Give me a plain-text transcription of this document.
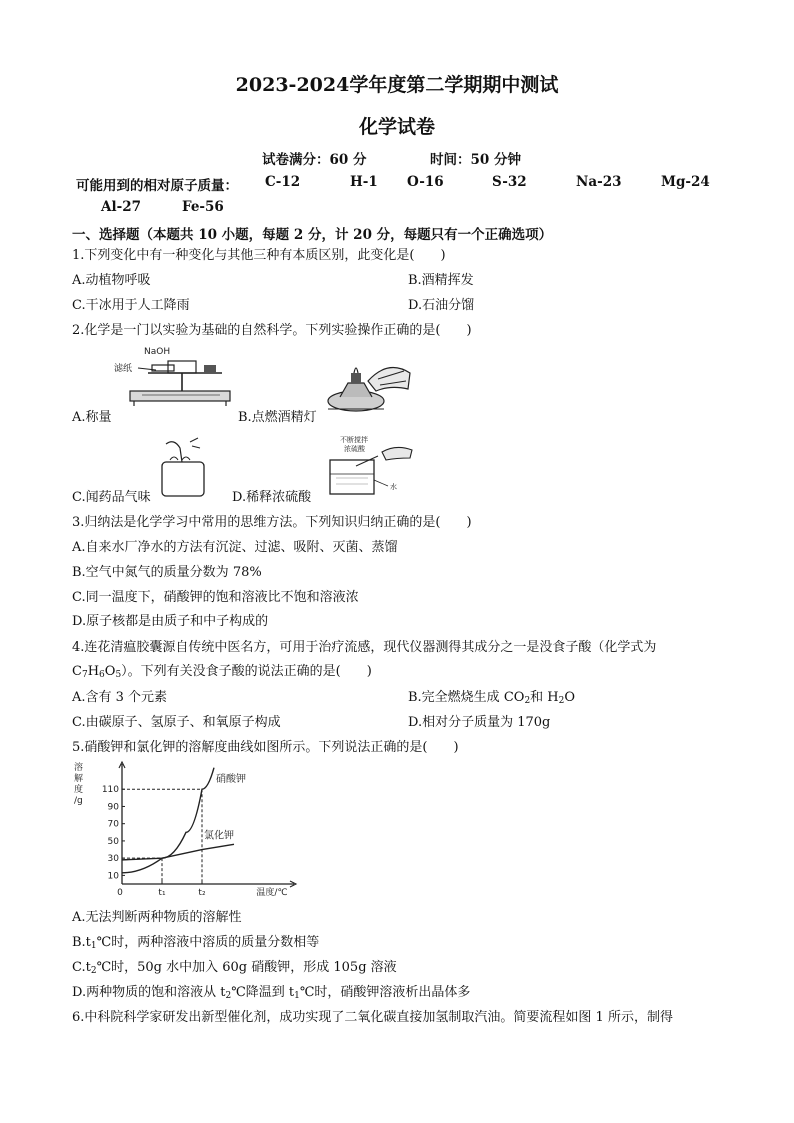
2023-2024学年度第二学期期中测试
化学试卷
试卷满分：60 分	时间：50 分钟
可能用到的相对原子质量： C-12	H-1 O-16	S-32	Na-23	Mg-24
Al-27	Fe-56
一、选择题（本题共 10 小题，每题 2 分，计 20 分，每题只有一个正确选项）
1.下列变化中有一种变化与其他三种有本质区别，此变化是(　　)
A.动植物呼吸	B.酒精挥发
C.干冰用于人工降雨	D.石油分馏
2.化学是一门以实验为基础的自然科学。下列实验操作正确的是(　　)
NaOH
滤纸
A.称量	B.点燃酒精灯
不断搅拌
浓硫酸
水
C.闻药品气味	D.稀释浓硫酸
3.归纳法是化学学习中常用的思维方法。下列知识归纳正确的是(　　)
A.自来水厂净水的方法有沉淀、过滤、吸附、灭菌、蒸馏
B.空气中氮气的质量分数为 78%
C.同一温度下，硝酸钾的饱和溶液比不饱和溶液浓
D.原子核都是由质子和中子构成的
4.连花清瘟胶囊源自传统中医名方，可用于治疗流感，现代仪器测得其成分之一是没食子酸（化学式为
$C_7H_6O_5$）。下列有关没食子酸的说法正确的是(　　)
A.含有 3 个元素	B.完全燃烧生成 $CO_2$和 $H_2O$
C.由碳原子、氢原子、和氧原子构成	D.相对分子质量为 170g
5.硝酸钾和氯化钾的溶解度曲线如图所示。下列说法正确的是(　　)
溶
解
度
/g
110
90
70
50
30
10
0	t₁	t₂	温度/℃
硝酸钾
氯化钾
A.无法判断两种物质的溶解性
$B.t_1℃$时，两种溶液中溶质的质量分数相等
$C.t_2℃$时，50g 水中加入 60g 硝酸钾，形成 105g 溶液
D.两种物质的饱和溶液从 $t_2℃$降温到 $t_1℃$时，硝酸钾溶液析出晶体多
6.中科院科学家研发出新型催化剂，成功实现了二氧化碳直接加氢制取汽油。简要流程如图 1 所示，制得
